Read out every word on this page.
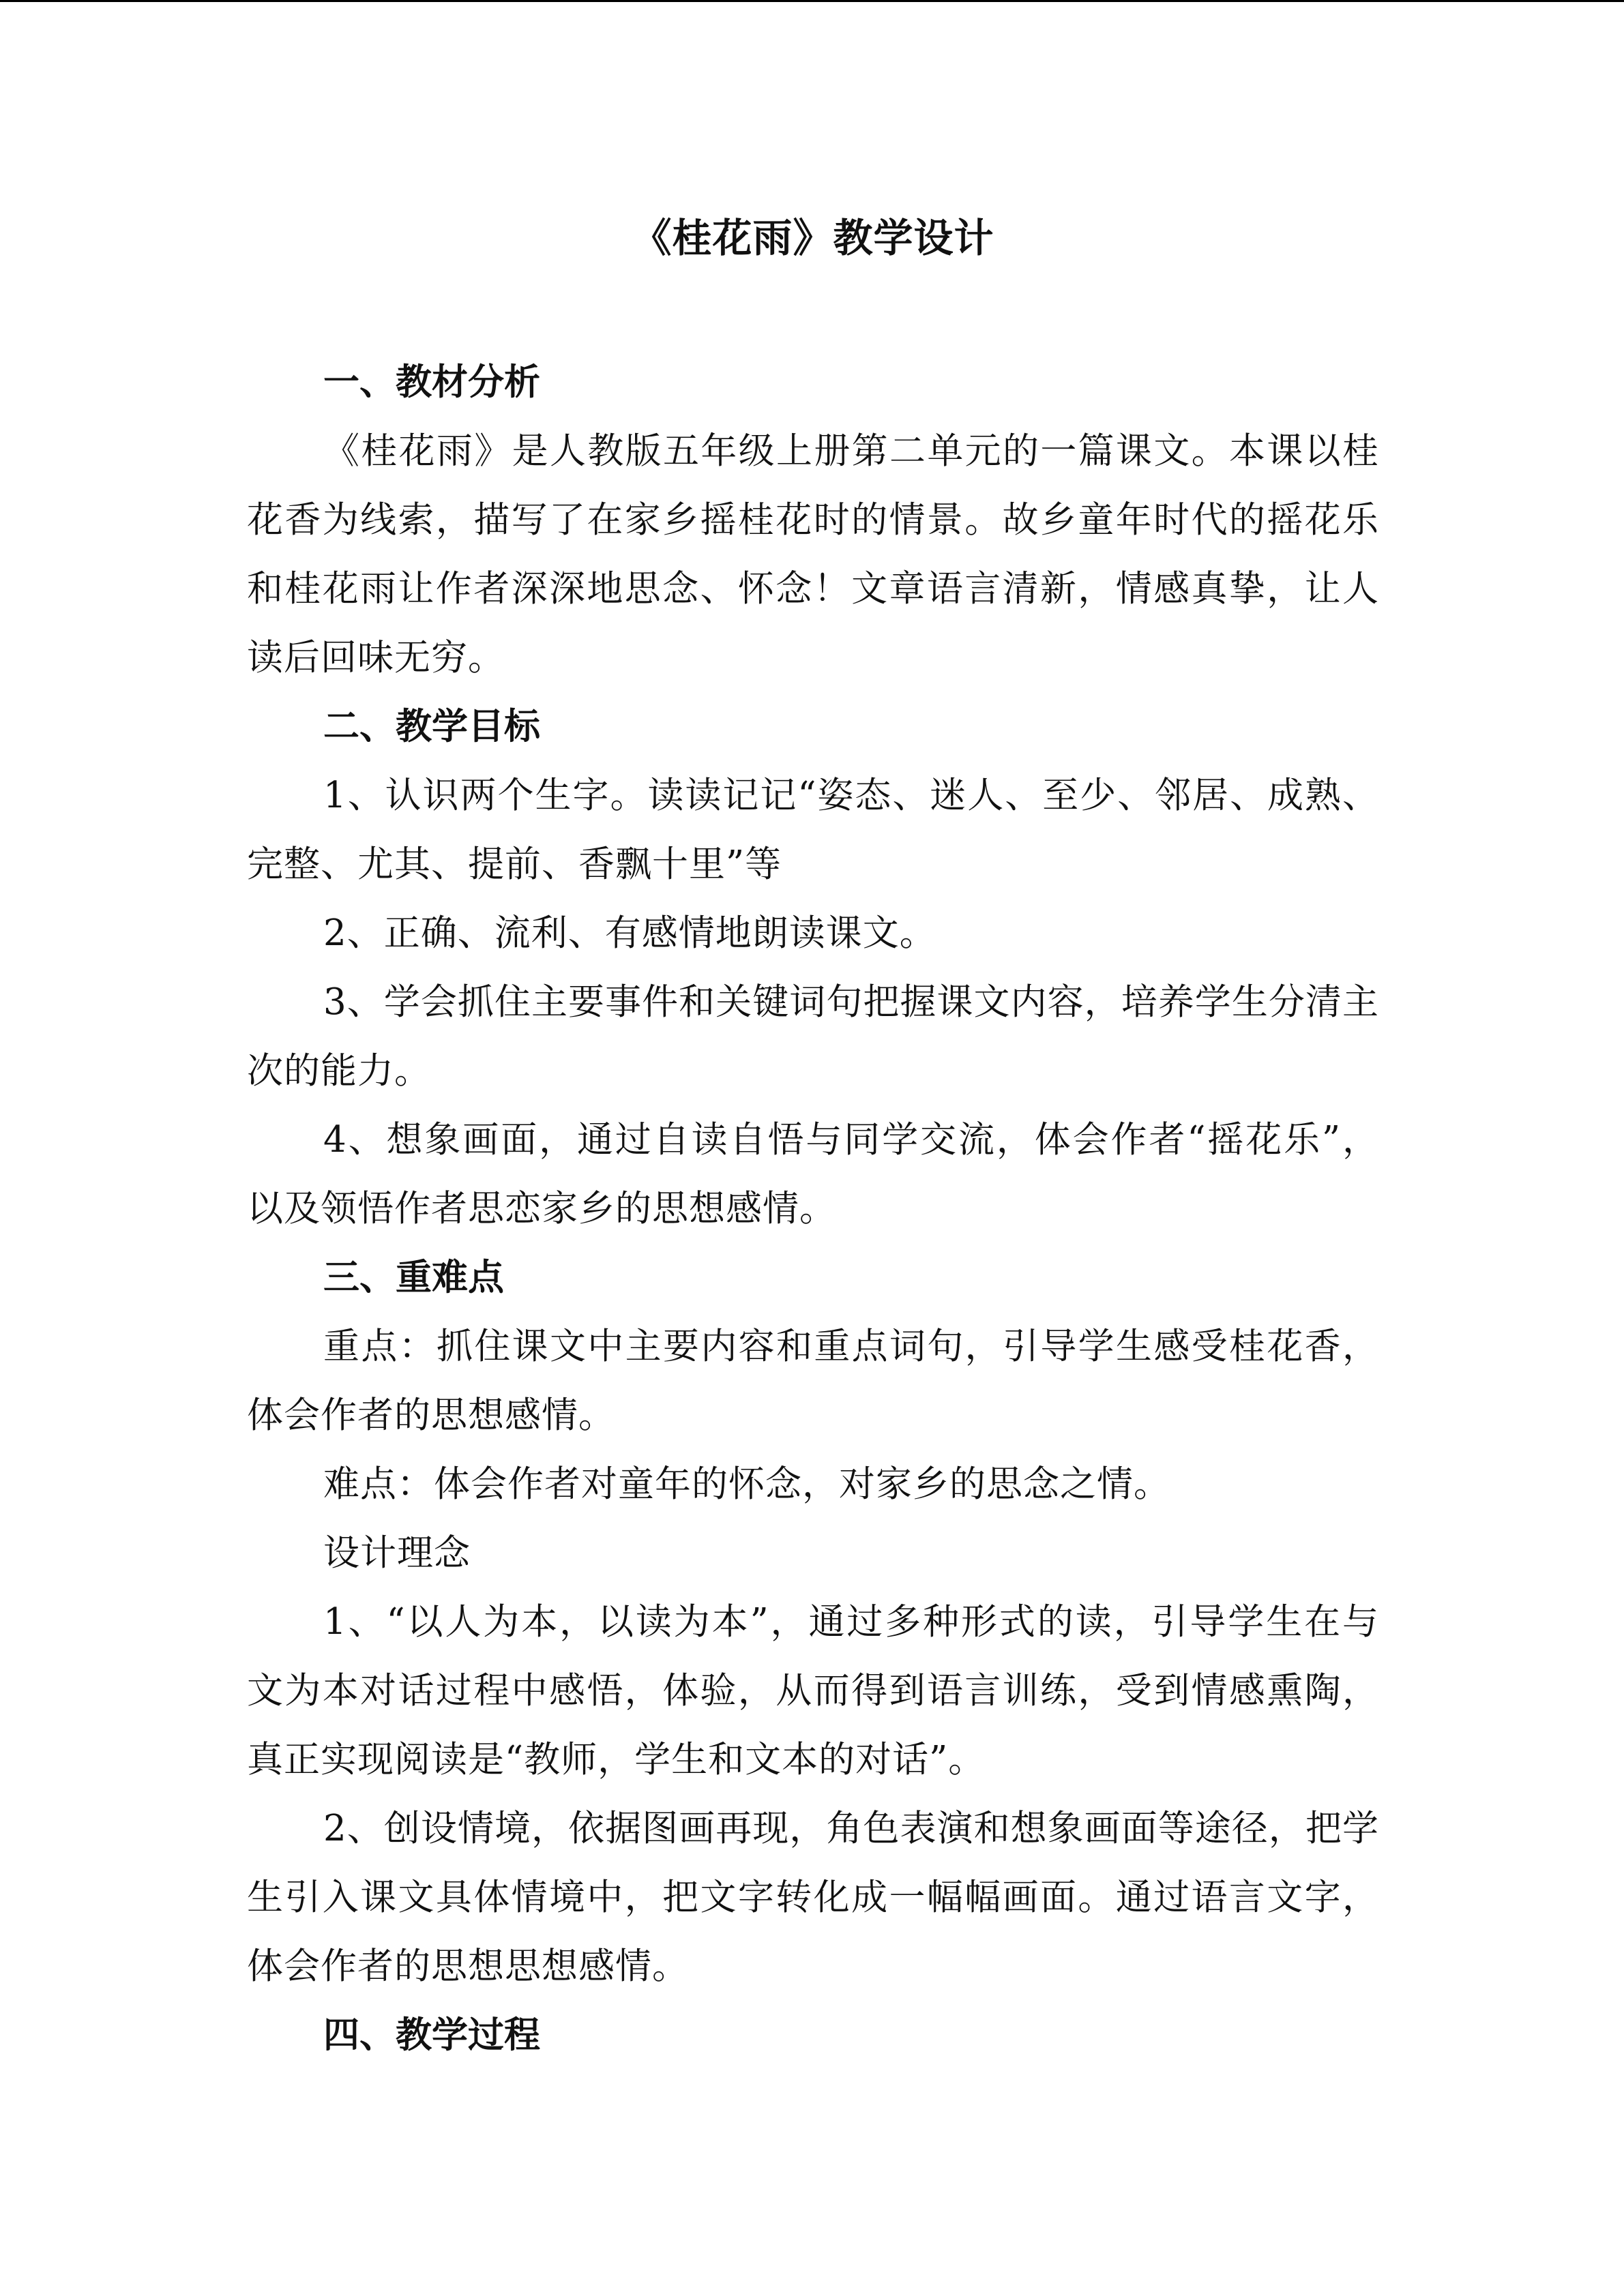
《桂花雨》教学设计

一、教材分析

《桂花雨》是人教版五年级上册第二单元的一篇课文。本课以桂花香为线索，描写了在家乡摇桂花时的情景。故乡童年时代的摇花乐和桂花雨让作者深深地思念、怀念！文章语言清新，情感真挚，让人读后回味无穷。

二、教学目标

1、认识两个生字。读读记记“姿态、迷人、至少、邻居、成熟、完整、尤其、提前、香飘十里”等

2、正确、流利、有感情地朗读课文。

3、学会抓住主要事件和关键词句把握课文内容，培养学生分清主次的能力。

4、想象画面，通过自读自悟与同学交流，体会作者“摇花乐”，以及领悟作者思恋家乡的思想感情。

三、重难点

重点：抓住课文中主要内容和重点词句，引导学生感受桂花香，体会作者的思想感情。

难点：体会作者对童年的怀念，对家乡的思念之情。

设计理念

1、“以人为本，以读为本”，通过多种形式的读，引导学生在与文为本对话过程中感悟，体验，从而得到语言训练，受到情感熏陶，真正实现阅读是“教师，学生和文本的对话”。

2、创设情境，依据图画再现，角色表演和想象画面等途径，把学生引入课文具体情境中，把文字转化成一幅幅画面。通过语言文字，体会作者的思想思想感情。

四、教学过程
